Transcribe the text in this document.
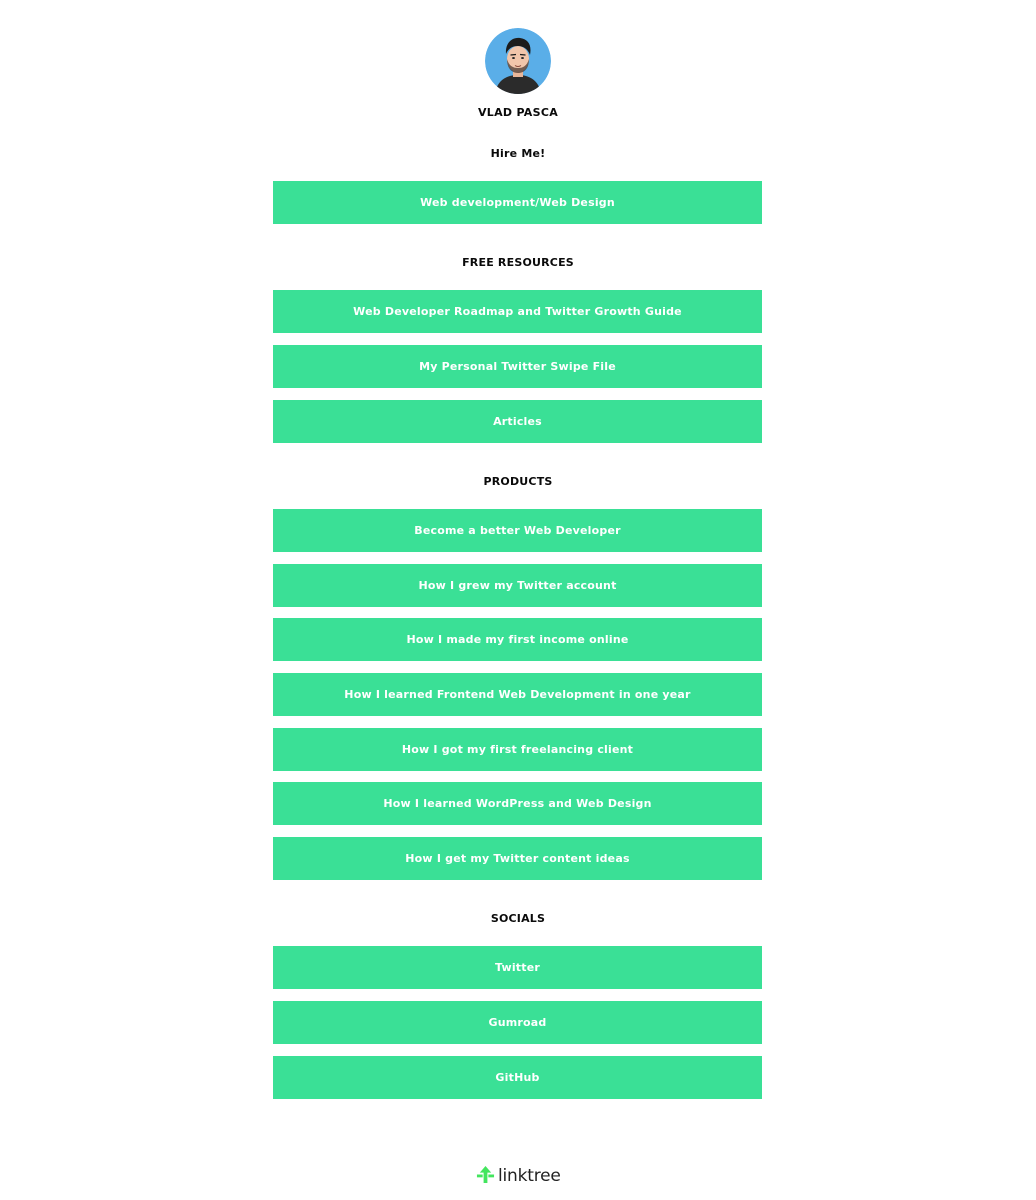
VLAD PASCA
Hire Me!
Web development/Web Design
FREE RESOURCES
Web Developer Roadmap and Twitter Growth Guide
My Personal Twitter Swipe File
Articles
PRODUCTS
Become a better Web Developer
How I grew my Twitter account
How I made my first income online
How I learned Frontend Web Development in one year
How I got my first freelancing client
How I learned WordPress and Web Design
How I get my Twitter content ideas
SOCIALS
Twitter
Gumroad
GitHub
linktree
